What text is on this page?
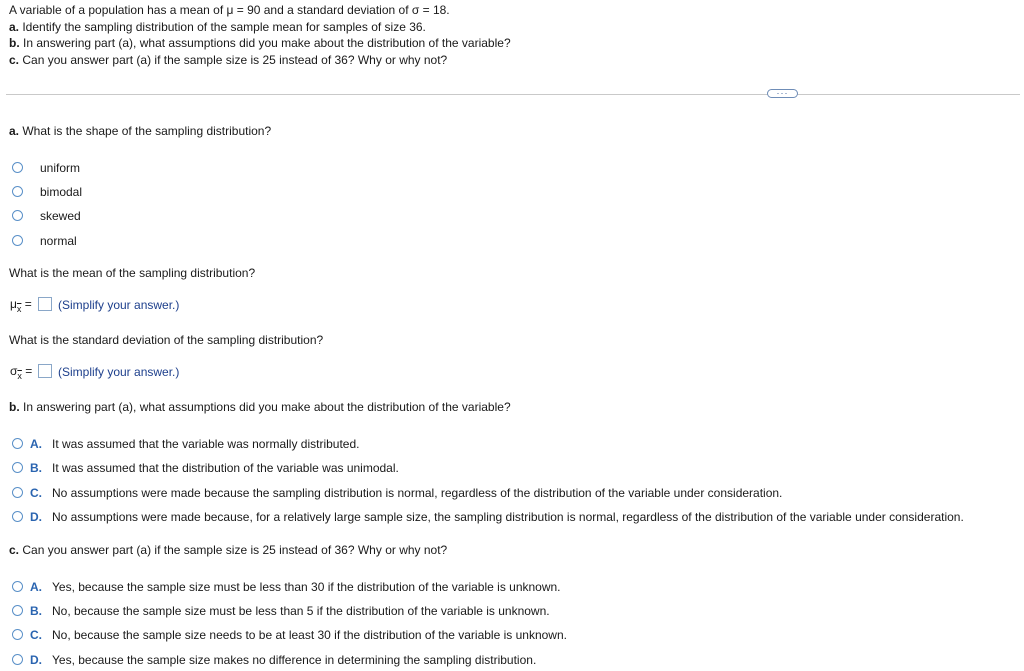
A variable of a population has a mean of μ = 90 and a standard deviation of σ = 18.
a. Identify the sampling distribution of the sample mean for samples of size 36.
b. In answering part (a), what assumptions did you make about the distribution of the variable?
c. Can you answer part (a) if the sample size is 25 instead of 36? Why or why not?
···
a. What is the shape of the sampling distribution?
uniform
bimodal
skewed
normal
What is the mean of the sampling distribution?
$\mu_{\overline{x}}$ = (Simplify your answer.)
What is the standard deviation of the sampling distribution?
$\sigma_{\overline{x}}$ = (Simplify your answer.)
b. In answering part (a), what assumptions did you make about the distribution of the variable?
A. It was assumed that the variable was normally distributed.
B. It was assumed that the distribution of the variable was unimodal.
C. No assumptions were made because the sampling distribution is normal, regardless of the distribution of the variable under consideration.
D. No assumptions were made because, for a relatively large sample size, the sampling distribution is normal, regardless of the distribution of the variable under consideration.
c. Can you answer part (a) if the sample size is 25 instead of 36? Why or why not?
A. Yes, because the sample size must be less than 30 if the distribution of the variable is unknown.
B. No, because the sample size must be less than 5 if the distribution of the variable is unknown.
C. No, because the sample size needs to be at least 30 if the distribution of the variable is unknown.
D. Yes, because the sample size makes no difference in determining the sampling distribution.
